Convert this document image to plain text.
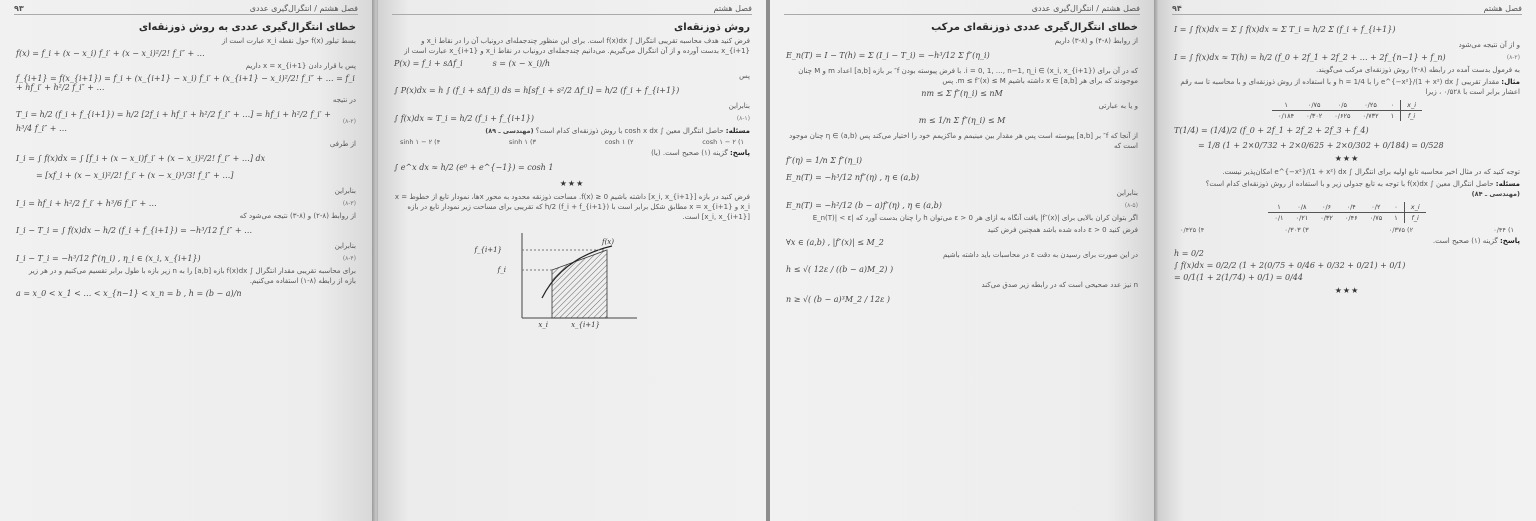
فصل هشتم / انتگرال‌گیری عددی
۹۳
خطای انتگرال‌گیری عددی به روش ذوزنقه‌ای
بسط تیلور f(x) حول نقطه x_i عبارت است از
f(x) = f_i + (x − x_i) f_i′ + (x − x_i)²/2! f_i″ + …
پس با قرار دادن x = x_{i+1} داریم
f_{i+1} = f(x_{i+1}) = f_i + (x_{i+1} − x_i) f_i′ + (x_{i+1} − x_i)²/2! f_i″ + … = f_i + hf_i′ + h²/2 f_i″ + …
در نتیجه
T_i = h/2 (f_i + f_{i+1}) = h/2 [2f_i + hf_i′ + h²/2 f_i″ + …] = hf_i + h²/2 f_i′ + h³/4 f_i″ + …
(۸-۲)
از طرفی
I_i = ∫ f(x)dx = ∫ [f_i + (x − x_i)f_i′ + (x − x_i)²/2! f_i″ + …] dx
= [xf_i + (x − x_i)²/2! f_i′ + (x − x_i)³/3! f_i″ + …]
بنابراین
I_i = hf_i + h²/2 f_i′ + h³/6 f_i″ + …	(۸-۳)
از روابط (۸-۲) و (۸-۳) نتیجه می‌شود که
I_i − T_i = ∫ f(x)dx − h/2 (f_i + f_{i+1}) = −h³/12 f_i″ + …
بنابراین
I_i − T_i = −h³/12 f″(η_i) , η_i ∈ (x_i, x_{i+1})	(۸-۴)
برای محاسبه تقریبی مقدار انتگرال ∫ f(x)dx بازه [a,b] را به n زیر بازه با طول برابر تقسیم می‌کنیم و در هر زیر بازه از رابطه (۸-۱) استفاده می‌کنیم.
a = x_0 < x_1 < … < x_{n−1} < x_n = b , h = (b − a)/n
فصل هشتم
روش ذوزنقه‌ای
فرض کنید هدف محاسبه تقریبی انتگرال ∫ f(x)dx است. برای این منظور چندجمله‌ای درونیاب آن را در نقاط x_i و x_{i+1} بدست آورده و از آن انتگرال می‌گیریم. می‌دانیم چندجمله‌ای درونیاب در نقاط x_i و x_{i+1} عبارت است از
P(x) = f_i + sΔf_i	s = (x − x_i)/h
پس
∫ P(x)dx = h ∫ (f_i + sΔf_i) ds = h[sf_i + s²/2 Δf_i] = h/2 (f_i + f_{i+1})
بنابراین
∫ f(x)dx ≈ T_i = h/2 (f_i + f_{i+1})	(۸-۱)
مسئله: حاصل انتگرال معین ∫ cosh x dx با روش ذوزنقه‌ای کدام است؟ (مهندسی ـ ۸۹)
۱) cosh ۱ − ۲
۲) cosh ۱
۳) sinh ۱
۴) sinh ۱ − ۲
پاسخ: گزینه (۱) صحیح است. (یا)
∫ e^x dx ≈ h/2 (e⁰ + e^{−1}) = cosh 1
★★★
فرض کنید در بازه [x_i, x_{i+1}] داشته باشیم f(x) ≥ 0. مساحت ذوزنقه محدود به محور x‌ها، نمودار تابع از خطوط x = x_i و x = x_{i+1} مطابق شکل برابر است با h/2 (f_i + f_{i+1}) که تقریبی برای مساحت زیر نمودار تابع در بازه [x_i, x_{i+1}] است.
f_i
f_{i+1}
f(x)
x_i	x_{i+1}
فصل هشتم / انتگرال‌گیری عددی
خطای انتگرال‌گیری عددی ذوزنقه‌ای مرکب
از روابط (۸-۴) و (۸-۳) داریم
E_n(T) = I − T(h) = Σ (I_i − T_i) = −h³/12 Σ f″(η_i)
که در آن برای i = 0, 1, …, n−1, η_i ∈ (x_i, x_{i+1}). با فرض پیوسته بودن f″ بر بازه [a,b] اعداد m و M چنان موجودند که برای هر x ∈ [a,b] داشته باشیم m ≤ f″(x) ≤ M. پس
nm ≤ Σ f″(η_i) ≤ nM
و یا به عبارتی
m ≤ 1/n Σ f″(η_i) ≤ M
از آنجا که f″ بر [a,b] پیوسته است پس هر مقدار بین مینیمم و ماکزیمم خود را اختیار می‌کند پس η ∈ (a,b) چنان موجود است که
f″(η) = 1/n Σ f″(η_i)
E_n(T) = −h³/12 nf″(η) , η ∈ (a,b)
بنابراین
E_n(T) = −h²/12 (b − a)f″(η) , η ∈ (a,b)	(۸-۵)
اگر بتوان کران بالایی برای |f″(x)| یافت آنگاه به ازای هر ε > 0 می‌توان h را چنان بدست آورد که |E_n(T)| < ε
فرض کنید ε > 0 داده شده باشد همچنین فرض کنید
∀x ∈ (a,b) , |f″(x)| ≤ M_2
در این صورت برای رسیدن به دقت ε در محاسبات باید داشته باشیم
h ≤ √( 12ε / ((b − a)M_2) )
n نیز عدد صحیحی است که در رابطه زیر صدق می‌کند
n ≥ √( (b − a)³M_2 / 12ε )
فصل هشتم
۹۴
I = ∫ f(x)dx = Σ ∫ f(x)dx ≈ Σ T_i = h/2 Σ (f_i + f_{i+1})
و از آن نتیجه می‌شود
I = ∫ f(x)dx ≈ T(h) = h/2 (f_0 + 2f_1 + 2f_2 + … + 2f_{n−1} + f_n)	(۸-۲)
به فرمول بدست آمده در رابطه (۸-۲) روش ذوزنقه‌ای مرکب می‌گویند.
مثال: مقدار تقریبی ∫ e^{−x²}/(1 + x²) dx را با h = 1/4 و با استفاده از روش ذوزنقه‌ای و با محاسبه تا سه رقم اعشار برابر است با ۰/۵۲۸ ، زیرا
x_i	۰	۰/۲۵	۰/۵	۰/۷۵	۱
f_i	۱	۰/۷۳۲	۰/۶۲۵	۰/۳۰۲	۰/۱۸۴
T(1/4) = (1/4)/2 (f_0 + 2f_1 + 2f_2 + 2f_3 + f_4)
= 1/8 (1 + 2×0/732 + 2×0/625 + 2×0/302 + 0/184) = 0/528
★★★
توجه کنید که در مثال اخیر محاسبه تابع اولیه برای انتگرال ∫ e^{−x²}/(1 + x²) dx امکان‌پذیر نیست.
مسئله: حاصل انتگرال معین ∫ f(x)dx با توجه به تابع جدولی زیر و با استفاده از روش ذوزنقه‌ای کدام است؟ (مهندسی ـ ۸۴)
x_i	۰	۰/۲	۰/۴	۰/۶	۰/۸	۱
f_i	۱	۰/۷۵	۰/۴۶	۰/۳۲	۰/۲۱	۰/۱
۱) ۰/۴۴
۲) ۰/۳۷۵
۳) ۰/۳۰۳
۴) ۰/۴۲۵
پاسخ: گزینه (۱) صحیح است.
h = 0/2
∫ f(x)dx = 0/2/2 (1 + 2(0/75 + 0/46 + 0/32 + 0/21) + 0/1)
= 0/1(1 + 2(1/74) + 0/1) = 0/44
★★★
